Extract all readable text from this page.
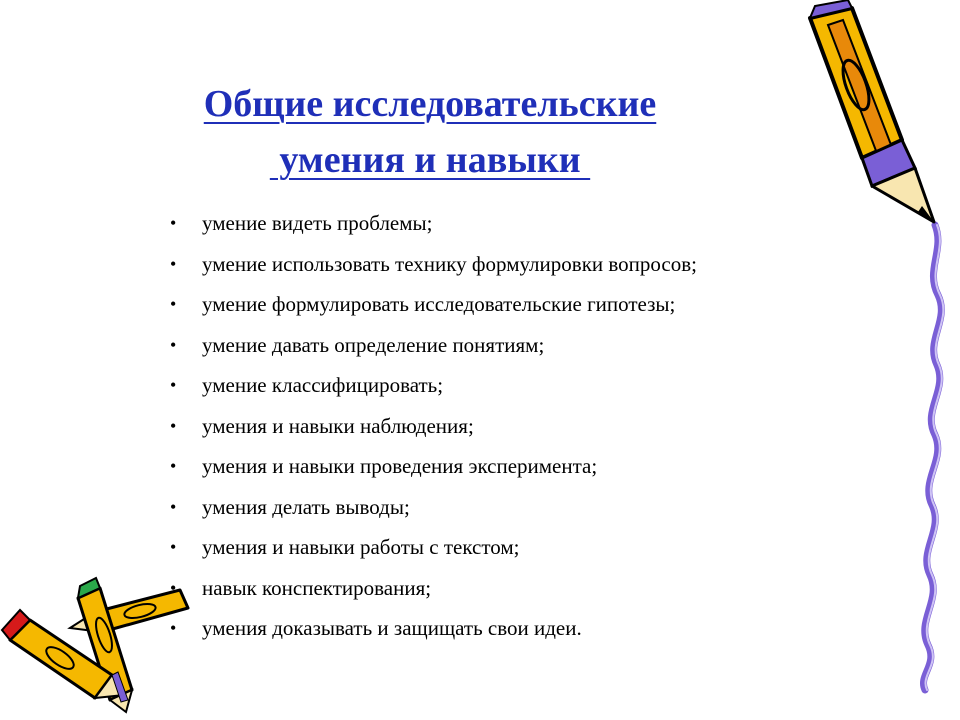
Общие исследовательские
умения и навыки
• умение видеть проблемы;
• умение использовать технику формулировки вопросов;
• умение формулировать исследовательские гипотезы;
• умение давать определение понятиям;
• умение классифицировать;
• умения и навыки наблюдения;
• умения и навыки проведения эксперимента;
• умения делать выводы;
• умения и навыки работы с текстом;
• навык конспектирования;
• умения доказывать и защищать свои идеи.
